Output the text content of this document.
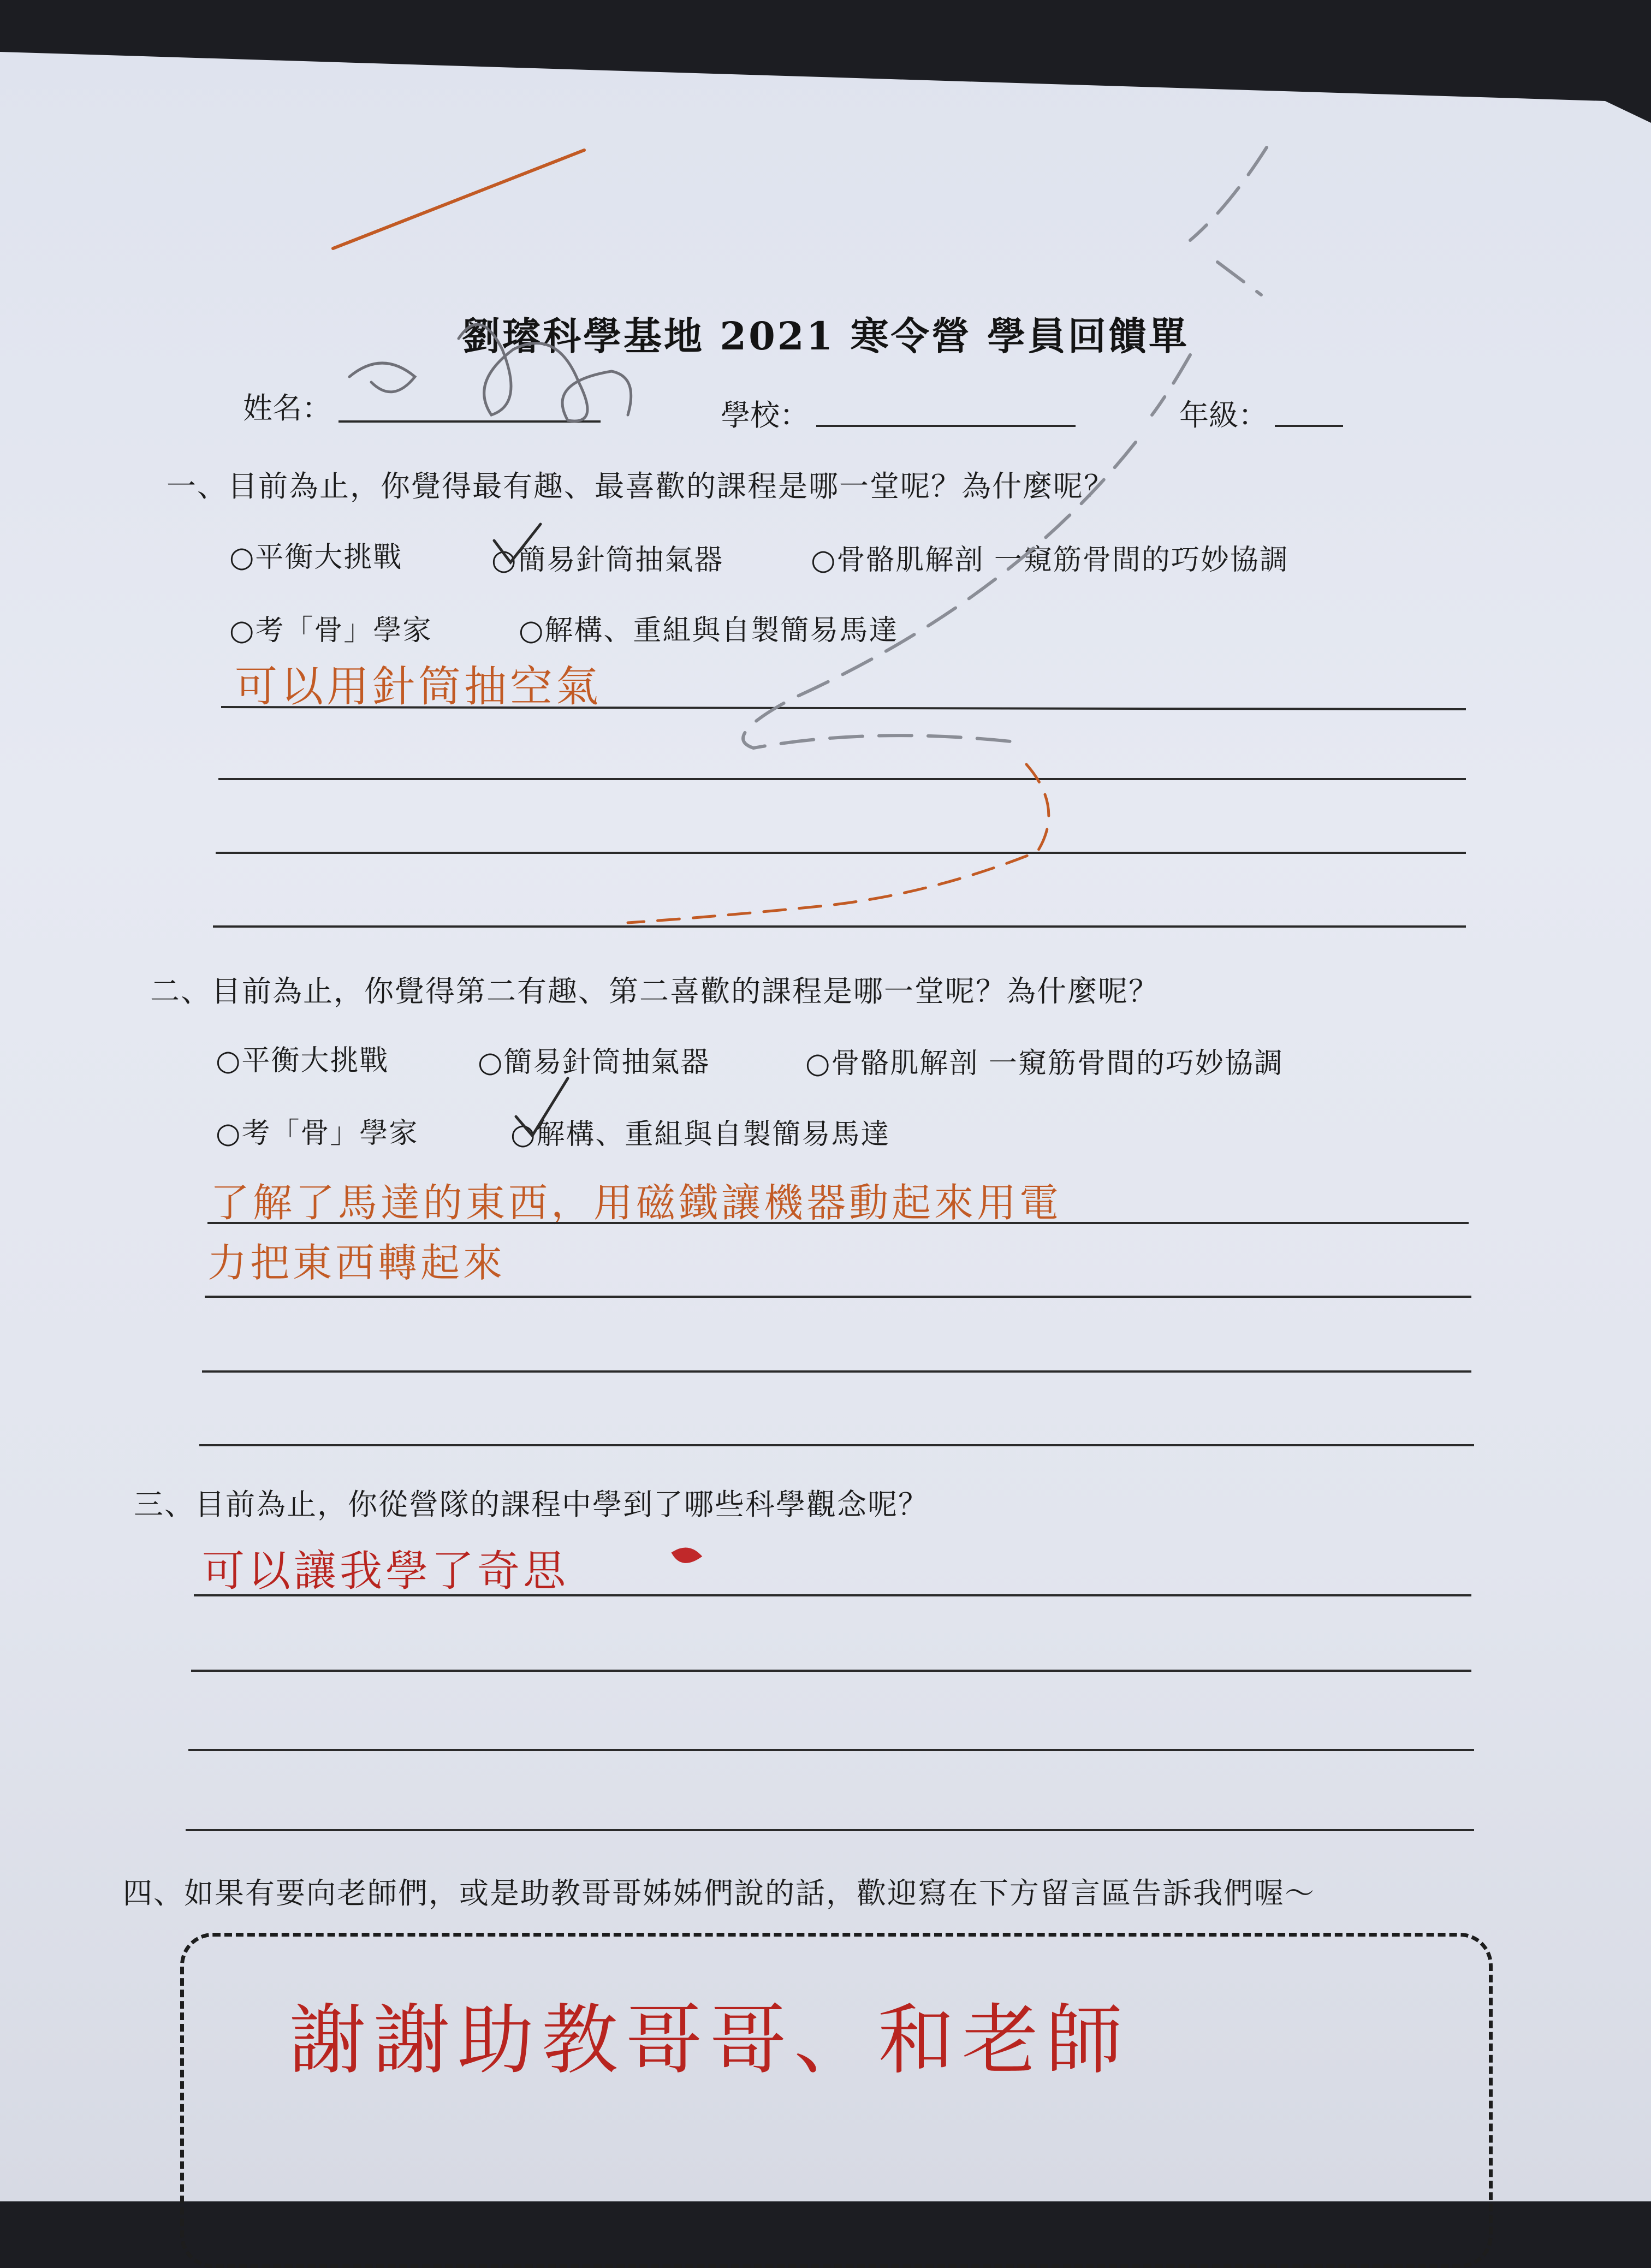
劉璿科學基地 2021 寒令營 學員回饋單
姓名：	學校：	年級：
一、目前為止，你覺得最有趣、最喜歡的課程是哪一堂呢？為什麼呢？
○平衡大挑戰	○簡易針筒抽氣器	○骨骼肌解剖 一窺筋骨間的巧妙協調
○考「骨」學家	○解構、重組與自製簡易馬達
可以用針筒抽空氣
二、目前為止，你覺得第二有趣、第二喜歡的課程是哪一堂呢？為什麼呢？
○平衡大挑戰	○簡易針筒抽氣器	○骨骼肌解剖 一窺筋骨間的巧妙協調
○考「骨」學家	○解構、重組與自製簡易馬達
了解了馬達的東西，用磁鐵讓機器動起來用電
力把東西轉起來
三、目前為止，你從營隊的課程中學到了哪些科學觀念呢？
可以讓我學了奇思
四、如果有要向老師們，或是助教哥哥姊姊們說的話，歡迎寫在下方留言區告訴我們喔～
謝謝助教哥哥、和老師
